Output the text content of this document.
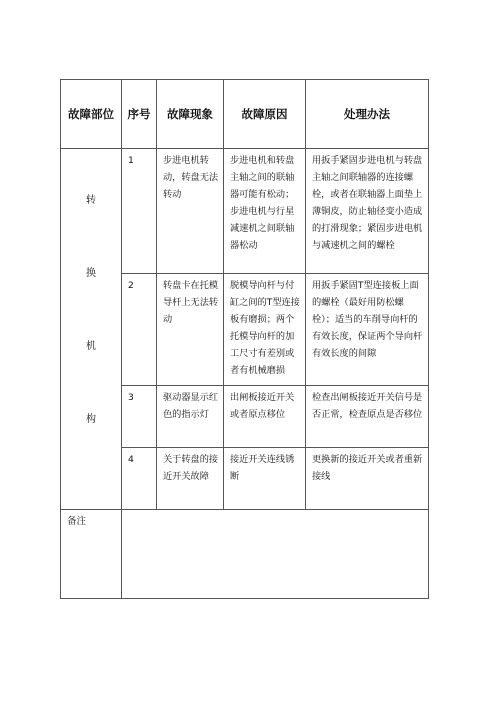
故障部位	序号	故障现象	故障原因	处理办法

转
换
机
构	1	步进电机转动，转盘无法转动	步进电机和转盘主轴之间的联轴器可能有松动；步进电机与行星减速机之间联轴器松动	用扳手紧固步进电机与转盘主轴之间联轴器的连接螺栓，或者在联轴器上面垫上薄铜皮，防止轴径变小造成的打滑现象；紧固步进电机与减速机之间的螺栓
	2	转盘卡在托模导杆上无法转动	脱模导向杆与付缸之间的T型连接板有磨损；两个托模导向杆的加工尺寸有差别或者有机械磨损	用扳手紧固T型连接板上面的螺栓（最好用防松螺栓）；适当的车削导向杆的有效长度，保证两个导向杆有效长度的间隙
	3	驱动器显示红色的指示灯	出闸板接近开关或者原点移位	检查出闸板接近开关信号是否正常，检查原点是否移位
	4	关于转盘的接近开关故障	接近开关连线锈断	更换新的接近开关或者重新接线
备注				
